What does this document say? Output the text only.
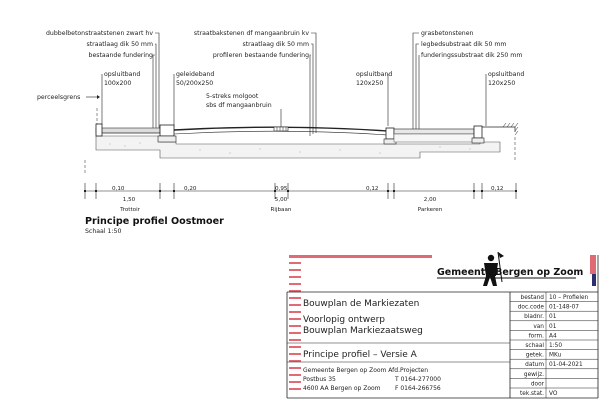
dubbelbetonstraatstenen zwart hv
straatlaag dik 50 mm
bestaande fundering
straatbakstenen df mangaanbruin kv
straatlaag dik 50 mm
profileren bestaande fundering
grasbetonstenen
legbedsubstraat dik 50 mm
funderingssubstraat dik 250 mm
opsluitband
100x200
geleideband
50/200x250
5-streks molgoot
sbs df mangaanbruin
opsluitband
120x250
opsluitband
120x250
perceelsgrens
0,10
1,50
0,20	0,95
5,00
0,12
2,00
0,12
Trottoir	Rijbaan	Parkeren
Principe profiel Oostmoer
Schaal 1:50
Gemeente Bergen op Zoom
Bouwplan de Markiezaten
Voorlopig ontwerp
Bouwplan Markiezaatsweg
Principe profiel – Versie A
Gemeente Bergen op Zoom Afd.Projecten
Postbus 35	T 0164-277000
4600 AA Bergen op Zoom F 0164-266756
bestand 10 – Profielen
doc.code 01-148-07
bladnr. 01
van 01
form. A4
schaal 1:50
getek. MKu
datum 01-04-2021
gewijz.
door
tek.stat. VO
